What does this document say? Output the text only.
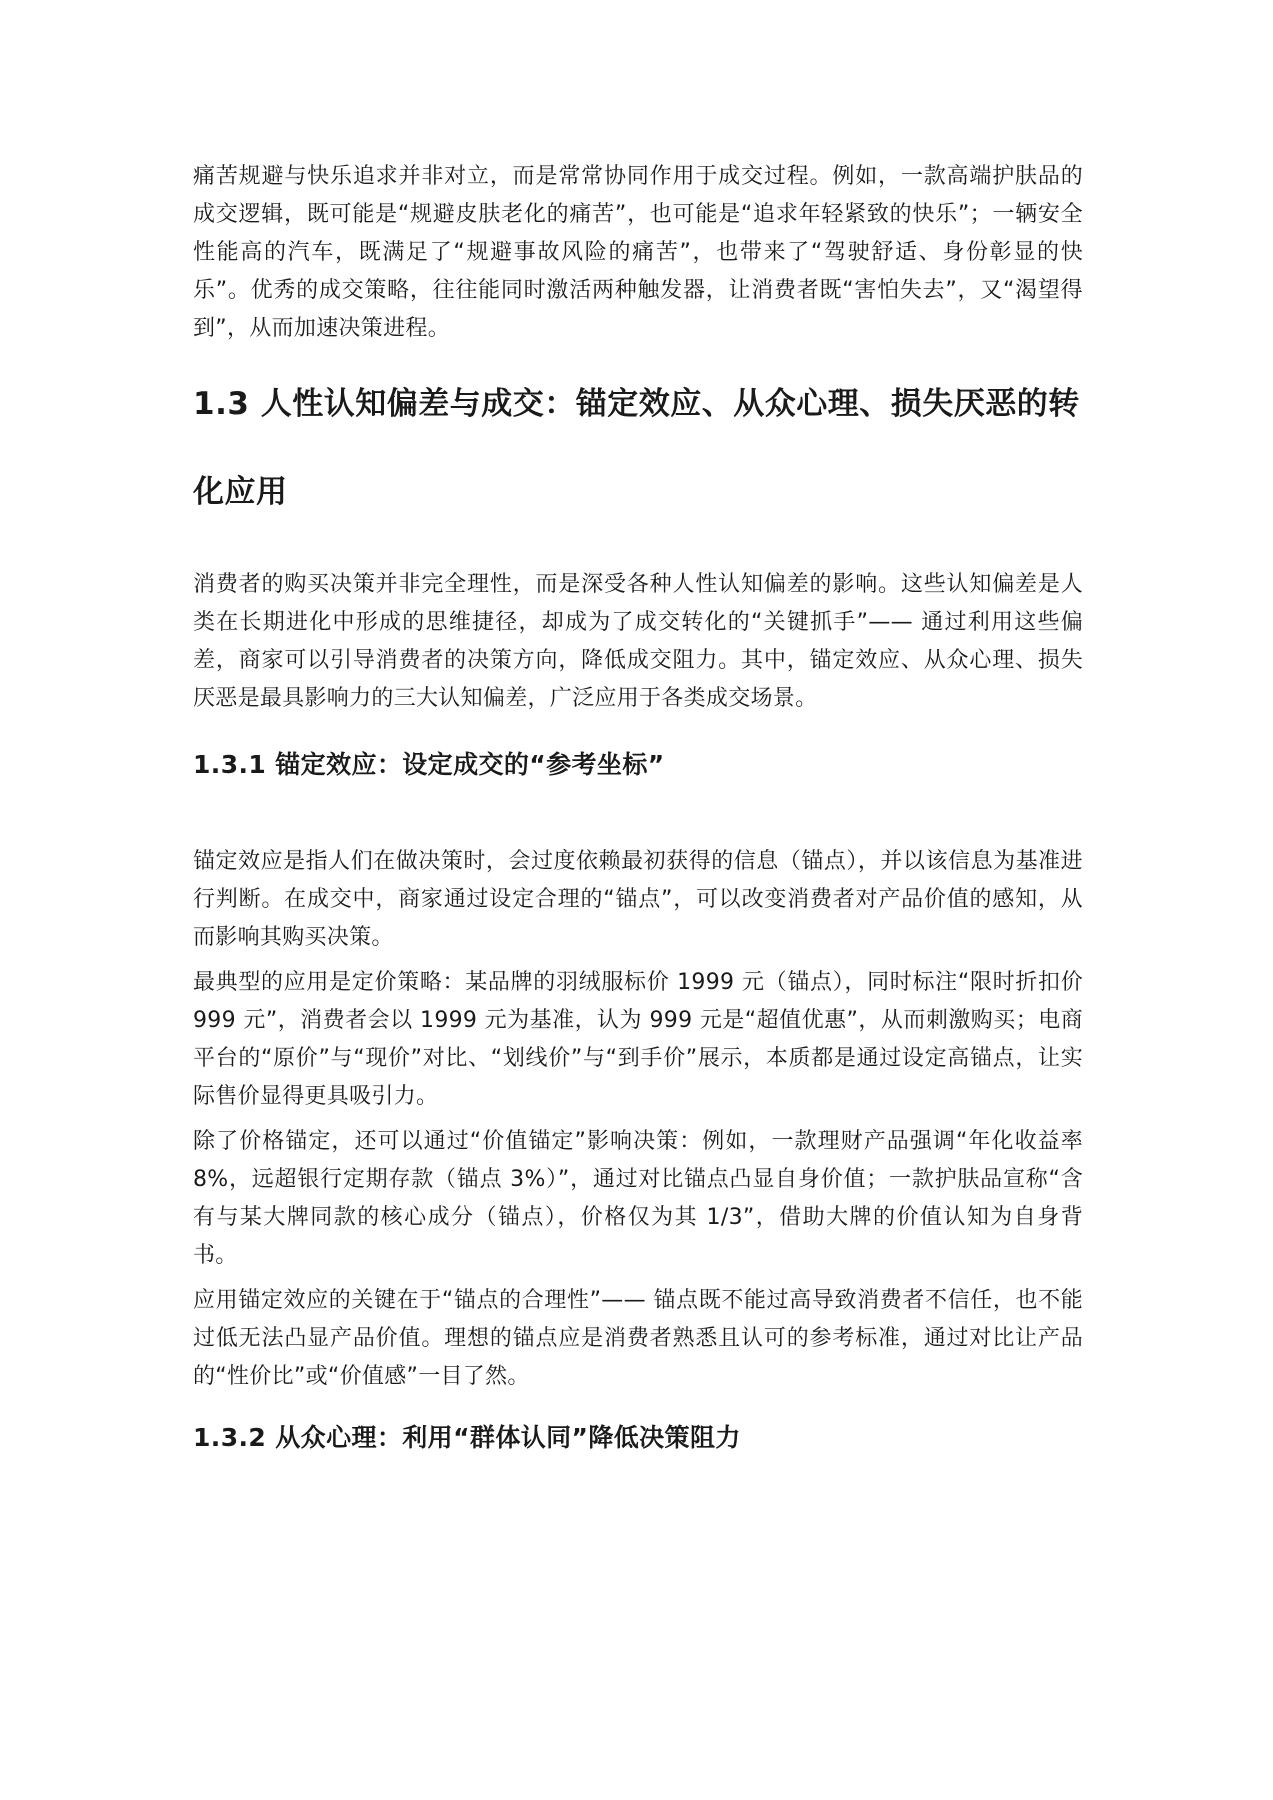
痛苦规避与快乐追求并非对立，而是常常协同作用于成交过程。例如，一款高端护肤品的成交逻辑，既可能是“规避皮肤老化的痛苦”，也可能是“追求年轻紧致的快乐”；一辆安全性能高的汽车，既满足了“规避事故风险的痛苦”，也带来了“驾驶舒适、身份彰显的快乐”。优秀的成交策略，往往能同时激活两种触发器，让消费者既“害怕失去”，又“渴望得到”，从而加速决策进程。

1.3 人性认知偏差与成交：锚定效应、从众心理、损失厌恶的转化应用

消费者的购买决策并非完全理性，而是深受各种人性认知偏差的影响。这些认知偏差是人类在长期进化中形成的思维捷径，却成为了成交转化的“关键抓手”—— 通过利用这些偏差，商家可以引导消费者的决策方向，降低成交阻力。其中，锚定效应、从众心理、损失厌恶是最具影响力的三大认知偏差，广泛应用于各类成交场景。

1.3.1 锚定效应：设定成交的“参考坐标”

锚定效应是指人们在做决策时，会过度依赖最初获得的信息（锚点），并以该信息为基准进行判断。在成交中，商家通过设定合理的“锚点”，可以改变消费者对产品价值的感知，从而影响其购买决策。

最典型的应用是定价策略：某品牌的羽绒服标价 1999 元（锚点），同时标注“限时折扣价 999 元”，消费者会以 1999 元为基准，认为 999 元是“超值优惠”，从而刺激购买；电商平台的“原价”与“现价”对比、“划线价”与“到手价”展示，本质都是通过设定高锚点，让实际售价显得更具吸引力。

除了价格锚定，还可以通过“价值锚定”影响决策：例如，一款理财产品强调“年化收益率 8%，远超银行定期存款（锚点 3%）”，通过对比锚点凸显自身价值；一款护肤品宣称“含有与某大牌同款的核心成分（锚点），价格仅为其 1/3”，借助大牌的价值认知为自身背书。

应用锚定效应的关键在于“锚点的合理性”—— 锚点既不能过高导致消费者不信任，也不能过低无法凸显产品价值。理想的锚点应是消费者熟悉且认可的参考标准，通过对比让产品的“性价比”或“价值感”一目了然。

1.3.2 从众心理：利用“群体认同”降低决策阻力
